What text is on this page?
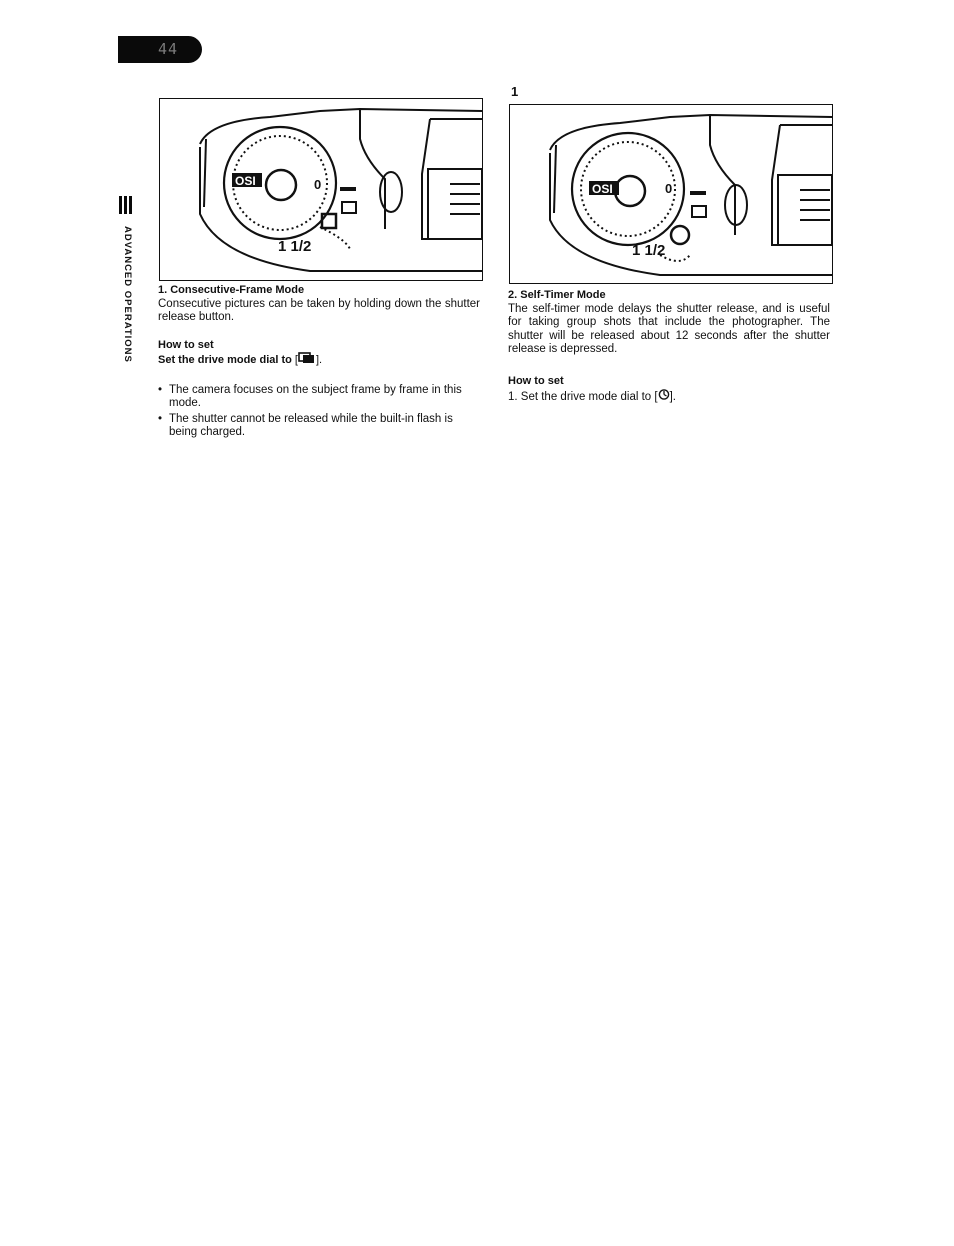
44
ADVANCED OPERATIONS
OSI	0
1 1/2
1
OSI	0
1 1/2
1. Consecutive-Frame Mode

Consecutive pictures can be taken by holding down the shutter release button.

How to set
Set the drive mode dial to [ ].
• The camera focuses on the subject frame by frame in this mode.
• The shutter cannot be released while the built-in flash is being charged.
2. Self-Timer Mode

The self-timer mode delays the shutter release, and is useful for taking group shots that include the photographer. The shutter will be released about 12 seconds after the shutter release is depressed.

How to set
1. Set the drive mode dial to [ ].
